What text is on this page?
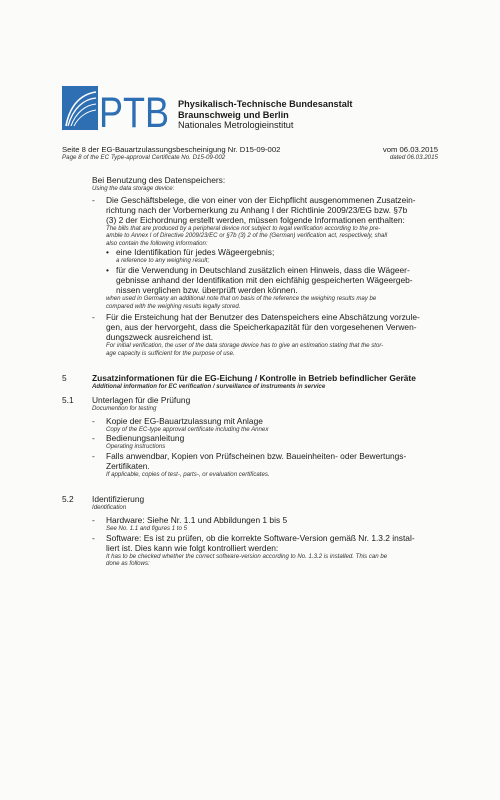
PTB Physikalisch-Technische Bundesanstalt
Braunschweig und Berlin
Nationales Metrologieinstitut
Seite 8 der EG-Bauartzulassungsbescheinigung Nr. D15-09-002
Page 8 of the EC Type-approval Certificate No. D15-09-002
vom 06.03.2015
dated 06.03.2015
Bei Benutzung des Datenspeichers:
Using the data storage device:
- Die Geschäftsbelege, die von einer von der Eichpflicht ausgenommenen Zusatzein-
richtung nach der Vorbemerkung zu Anhang I der Richtlinie 2009/23/EG bzw. §7b
(3) 2 der Eichordnung erstellt werden, müssen folgende Informationen enthalten:
The bills that are produced by a peripheral device not subject to legal verification according to the pre-
amble to Annex I of Directive 2009/23/EC or §7b (3) 2 of the (German) verification act, respectively, shall
also contain the following information:
• eine Identifikation für jedes Wägeergebnis;
a reference to any weighing result;
• für die Verwendung in Deutschland zusätzlich einen Hinweis, dass die Wägeer-
gebnisse anhand der Identifikation mit den eichfähig gespeicherten Wägeergeb-
nissen verglichen bzw. überprüft werden können.
when used in Germany an additional note that on basis of the reference the weighing results may be
compared with the weighing results legally stored.
- Für die Ersteichung hat der Benutzer des Datenspeichers eine Abschätzung vorzule-
gen, aus der hervorgeht, dass die Speicherkapazität für den vorgesehenen Verwen-
dungszweck ausreichend ist.
For initial verification, the user of the data storage device has to give an estimation stating that the stor-
age capacity is sufficient for the purpose of use.
5	Zusatzinformationen für die EG-Eichung / Kontrolle in Betrieb befindlicher Geräte
Additional information for EC verification / surveillance of instruments in service
5.1 Unterlagen für die Prüfung
Documention for testing
- Kopie der EG-Bauartzulassung mit Anlage
Copy of the EC-type approval certificate including the Annex
- Bedienungsanleitung
Operating instructions
- Falls anwendbar, Kopien von Prüfscheinen bzw. Baueinheiten- oder Bewertungs-
Zertifikaten.
If applicable, copies of test-, parts-, or evaluation certificates.
5.2 Identifizierung
Identification
- Hardware: Siehe Nr. 1.1 und Abbildungen 1 bis 5
See No. 1.1 and figures 1 to 5
- Software: Es ist zu prüfen, ob die korrekte Software-Version gemäß Nr. 1.3.2 instal-
liert ist. Dies kann wie folgt kontrolliert werden:
It has to be checked whether the correct software-version according to No. 1.3.2 is installed. This can be
done as follows:
